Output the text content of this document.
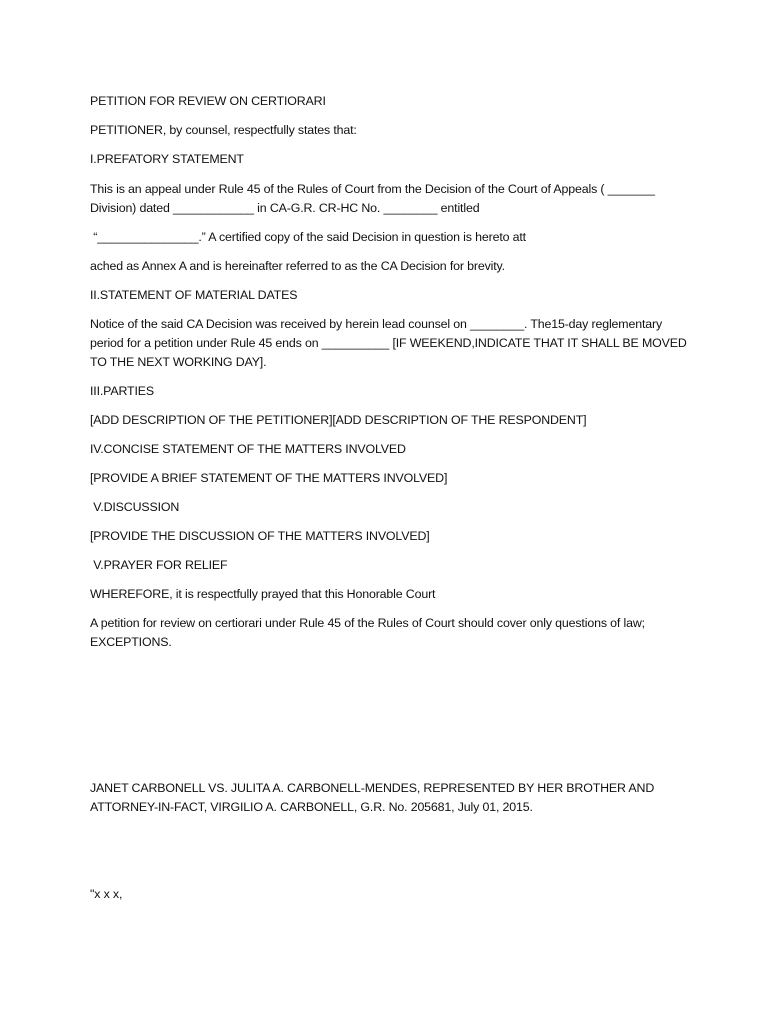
PETITION FOR REVIEW ON CERTIORARI

PETITIONER, by counsel, respectfully states that:

I.PREFATORY STATEMENT

This is an appeal under Rule 45 of the Rules of Court from the Decision of the Court of Appeals ( _______ Division) dated ____________ in CA-G.R. CR-HC No. ________ entitled

“_______________.” A certified copy of the said Decision in question is hereto att

ached as Annex A and is hereinafter referred to as the CA Decision for brevity.

II.STATEMENT OF MATERIAL DATES

Notice of the said CA Decision was received by herein lead counsel on ________. The15-day reglementary period for a petition under Rule 45 ends on __________ [IF WEEKEND,INDICATE THAT IT SHALL BE MOVED TO THE NEXT WORKING DAY].

III.PARTIES

[ADD DESCRIPTION OF THE PETITIONER][ADD DESCRIPTION OF THE RESPONDENT]

IV.CONCISE STATEMENT OF THE MATTERS INVOLVED

[PROVIDE A BRIEF STATEMENT OF THE MATTERS INVOLVED]

V.DISCUSSION

[PROVIDE THE DISCUSSION OF THE MATTERS INVOLVED]

V.PRAYER FOR RELIEF

WHEREFORE, it is respectfully prayed that this Honorable Court

A petition for review on certiorari under Rule 45 of the Rules of Court should cover only questions of law; EXCEPTIONS.

JANET CARBONELL VS. JULITA A. CARBONELL-MENDES, REPRESENTED BY HER BROTHER AND ATTORNEY-IN-FACT, VIRGILIO A. CARBONELL, G.R. No. 205681, July 01, 2015.

"x x x,
